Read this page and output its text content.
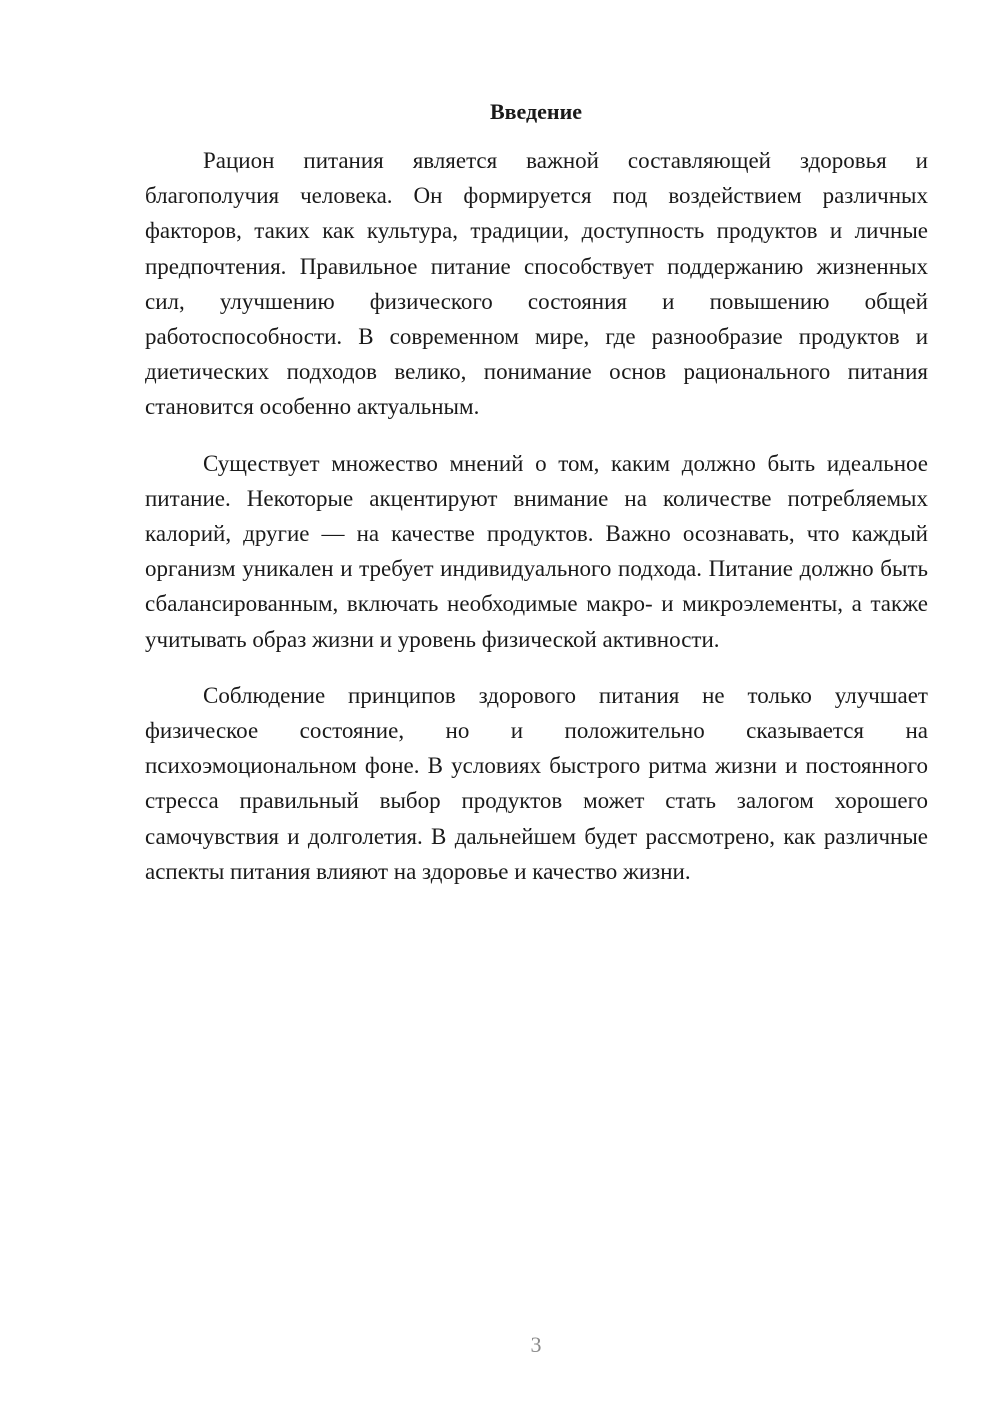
Введение

Рацион питания является важной составляющей здоровья и благополучия человека. Он формируется под воздействием различных факторов, таких как культура, традиции, доступность продуктов и личные предпочтения. Правильное питание способствует поддержанию жизненных сил, улучшению физического состояния и повышению общей работоспособности. В современном мире, где разнообразие продуктов и диетических подходов велико, понимание основ рационального питания становится особенно актуальным.

Существует множество мнений о том, каким должно быть идеальное питание. Некоторые акцентируют внимание на количестве потребляемых калорий, другие — на качестве продуктов. Важно осознавать, что каждый организм уникален и требует индивидуального подхода. Питание должно быть сбалансированным, включать необходимые макро- и микроэлементы, а также учитывать образ жизни и уровень физической активности.

Соблюдение принципов здорового питания не только улучшает физическое состояние, но и положительно сказывается на психоэмоциональном фоне. В условиях быстрого ритма жизни и постоянного стресса правильный выбор продуктов может стать залогом хорошего самочувствия и долголетия. В дальнейшем будет рассмотрено, как различные аспекты питания влияют на здоровье и качество жизни.

3
